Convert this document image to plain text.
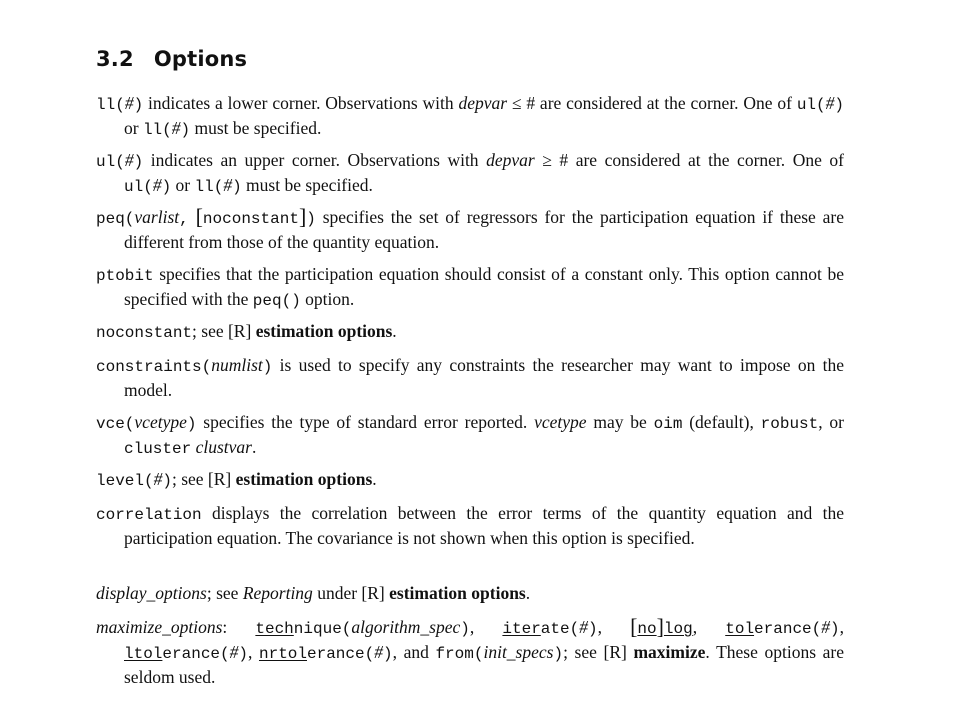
3.2 Options
ll(#) indicates a lower corner. Observations with depvar ≤ # are considered at the corner. One of ul(#) or ll(#) must be specified.
ul(#) indicates an upper corner. Observations with depvar ≥ # are considered at the corner. One of ul(#) or ll(#) must be specified.
peq(varlist, [noconstant]) specifies the set of regressors for the participation equation if these are different from those of the quantity equation.
ptobit specifies that the participation equation should consist of a constant only. This option cannot be specified with the peq() option.
noconstant; see [R] estimation options.
constraints(numlist) is used to specify any constraints the researcher may want to impose on the model.
vce(vcetype) specifies the type of standard error reported. vcetype may be oim (default), robust, or cluster clustvar.
level(#); see [R] estimation options.
correlation displays the correlation between the error terms of the quantity equation and the participation equation. The covariance is not shown when this option is specified.
display_options; see Reporting under [R] estimation options.
maximize_options: technique(algorithm_spec), iterate(#), [no]log, tolerance(#), ltolerance(#), nrtolerance(#), and from(init_specs); see [R] maximize. These options are seldom used.
